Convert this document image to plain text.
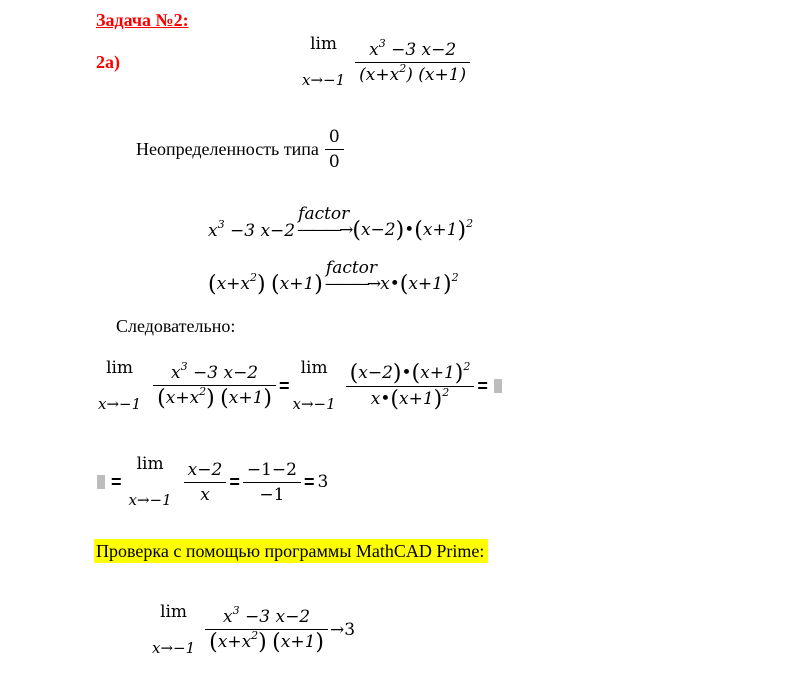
Задача №2:
2а)
lim
$x\to-1 \frac{x^3 -3 x-2}{(x+x^2) (x+1)}$
Неопределенность типа $\frac{0}{0}$
$x^3 -3$ x−2
factor
———→ $(x-2)•(x+1)^2$
$(x+x^2)$ (x+1)
factor
———→ $x•(x+1)^2$
Следовательно:
lim
$x\to-1 \frac{x^3 -3 x-2}{(x+x^2) (x+1)}$ =
lim
$x\to-1 \frac{(x-2)•(x+1)^2}{x•(x+1)^2}$ =
=
lim
$x\to-1 \frac{x-2}{x} = \frac{-1-2}{-1} = 3$
Проверка с помощью программы MathCAD Prime:
lim
$x\to-1 \frac{x^3 -3 x-2}{(x+x^2) (x+1)} \to 3$
